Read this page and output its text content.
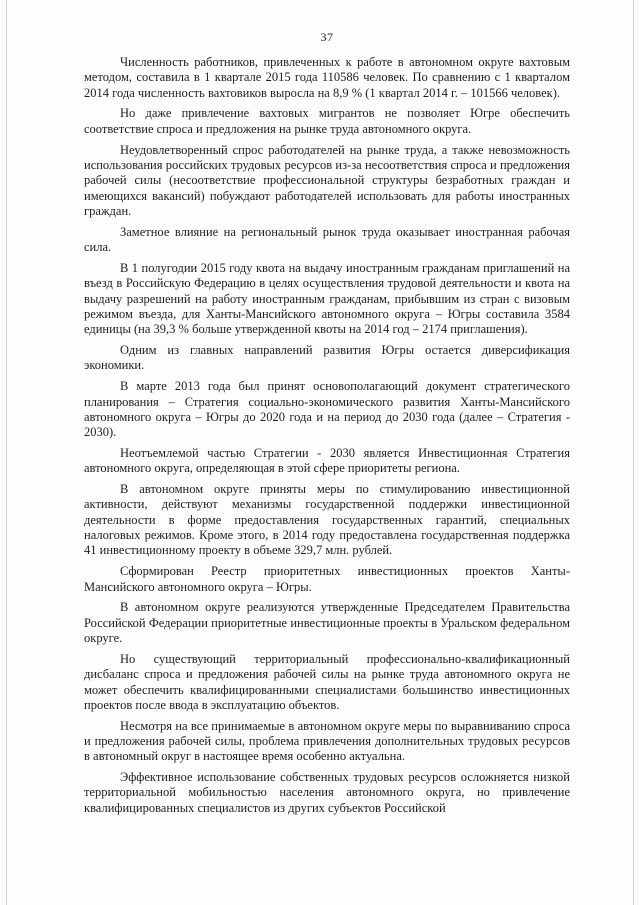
37

Численность работников, привлеченных к работе в автономном округе вахтовым методом, составила в 1 квартале 2015 года 110586 человек. По сравнению с 1 кварталом 2014 года численность вахтовиков выросла на 8,9 % (1 квартал 2014 г. – 101566 человек).

Но даже привлечение вахтовых мигрантов не позволяет Югре обеспечить соответствие спроса и предложения на рынке труда автономного округа.

Неудовлетворенный спрос работодателей на рынке труда, а также невозможность использования российских трудовых ресурсов из-за несоответствия спроса и предложения рабочей силы (несоответствие профессиональной структуры безработных граждан и имеющихся вакансий) побуждают работодателей использовать для работы иностранных граждан.

Заметное влияние на региональный рынок труда оказывает иностранная рабочая сила.

В 1 полугодии 2015 году квота на выдачу иностранным гражданам приглашений на въезд в Российскую Федерацию в целях осуществления трудовой деятельности и квота на выдачу разрешений на работу иностранным гражданам, прибывшим из стран с визовым режимом въезда, для Ханты-Мансийского автономного округа – Югры составила 3584 единицы (на 39,3 % больше утвержденной квоты на 2014 год – 2174 приглашения).

Одним из главных направлений развития Югры остается диверсификация экономики.

В марте 2013 года был принят основополагающий документ стратегического планирования – Стратегия социально-экономического развития Ханты-Мансийского автономного округа – Югры до 2020 года и на период до 2030 года (далее – Стратегия - 2030).

Неотъемлемой частью Стратегии - 2030 является Инвестиционная Стратегия автономного округа, определяющая в этой сфере приоритеты региона.

В автономном округе приняты меры по стимулированию инвестиционной активности, действуют механизмы государственной поддержки инвестиционной деятельности в форме предоставления государственных гарантий, специальных налоговых режимов. Кроме этого, в 2014 году предоставлена государственная поддержка 41 инвестиционному проекту в объеме 329,7 млн. рублей.

Сформирован Реестр приоритетных инвестиционных проектов Ханты-Мансийского автономного округа – Югры.

В автономном округе реализуются утвержденные Председателем Правительства Российской Федерации приоритетные инвестиционные проекты в Уральском федеральном округе.

Но существующий территориальный профессионально-квалификационный дисбаланс спроса и предложения рабочей силы на рынке труда автономного округа не может обеспечить квалифицированными специалистами большинство инвестиционных проектов после ввода в эксплуатацию объектов.

Несмотря на все принимаемые в автономном округе меры по выравниванию спроса и предложения рабочей силы, проблема привлечения дополнительных трудовых ресурсов в автономный округ в настоящее время особенно актуальна.

Эффективное использование собственных трудовых ресурсов осложняется низкой территориальной мобильностью населения автономного округа, но привлечение квалифицированных специалистов из других субъектов Российской
